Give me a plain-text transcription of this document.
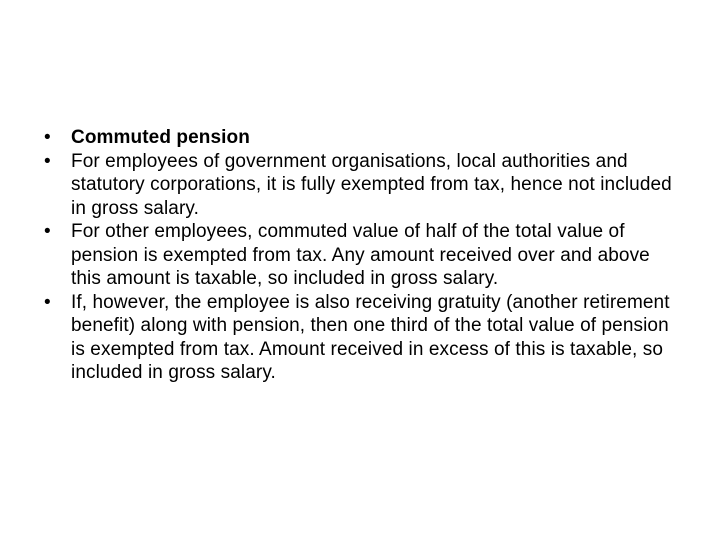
•	Commuted pension
•	For employees of government organisations, local authorities and statutory corporations, it is fully exempted from tax, hence not included in gross salary.
•	For other employees, commuted value of half of the total value of pension is exempted from tax. Any amount received over and above this amount is taxable, so included in gross salary.
•	If, however, the employee is also receiving gratuity (another retirement benefit) along with pension, then one third of the total value of pension is exempted from tax. Amount received in excess of this is taxable, so included in gross salary.
